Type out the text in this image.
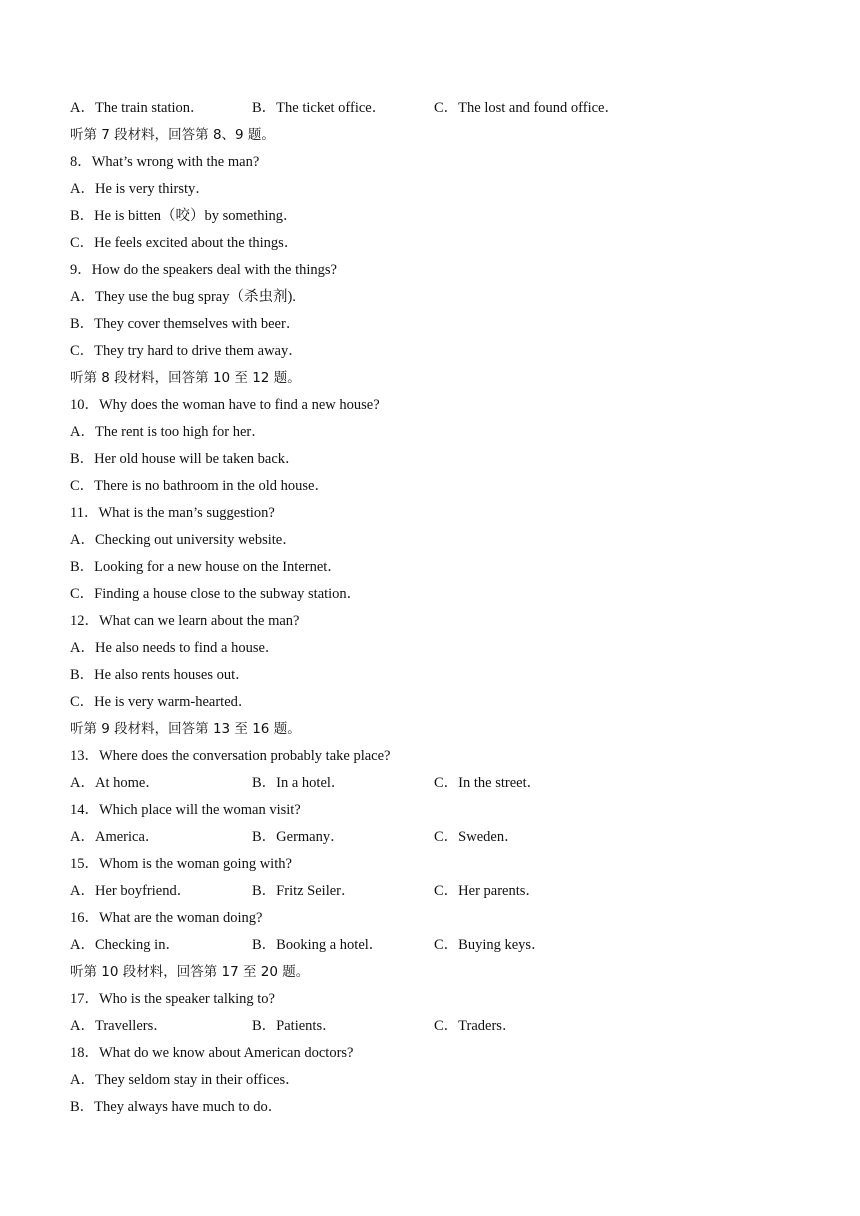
A．The train station．	B．The ticket office．	C．The lost and found office．
听第 7 段材料，回答第 8、9 题。
8．What’s wrong with the man?
A．He is very thirsty．
B．He is bitten（咬）by something．
C．He feels excited about the things．
9．How do the speakers deal with the things?
A．They use the bug spray（杀虫剂).
B．They cover themselves with beer．
C．They try hard to drive them away．
听第 8 段材料，回答第 10 至 12 题。
10．Why does the woman have to find a new house?
A．The rent is too high for her．
B．Her old house will be taken back．
C．There is no bathroom in the old house．
11．What is the man’s suggestion?
A．Checking out university website．
B．Looking for a new house on the Internet．
C．Finding a house close to the subway station．
12．What can we learn about the man?
A．He also needs to find a house．
B．He also rents houses out．
C．He is very warm-hearted．
听第 9 段材料，回答第 13 至 16 题。
13．Where does the conversation probably take place?
A．At home．	B．In a hotel．	C．In the street．
14．Which place will the woman visit?
A．America．	B．Germany．	C．Sweden．
15．Whom is the woman going with?
A．Her boyfriend．	B．Fritz Seiler．	C．Her parents．
16．What are the woman doing?
A．Checking in．	B．Booking a hotel．	C．Buying keys．
听第 10 段材料，回答第 17 至 20 题。
17．Who is the speaker talking to?
A．Travellers．	B．Patients．	C．Traders．
18．What do we know about American doctors?
A．They seldom stay in their offices．
B．They always have much to do．
